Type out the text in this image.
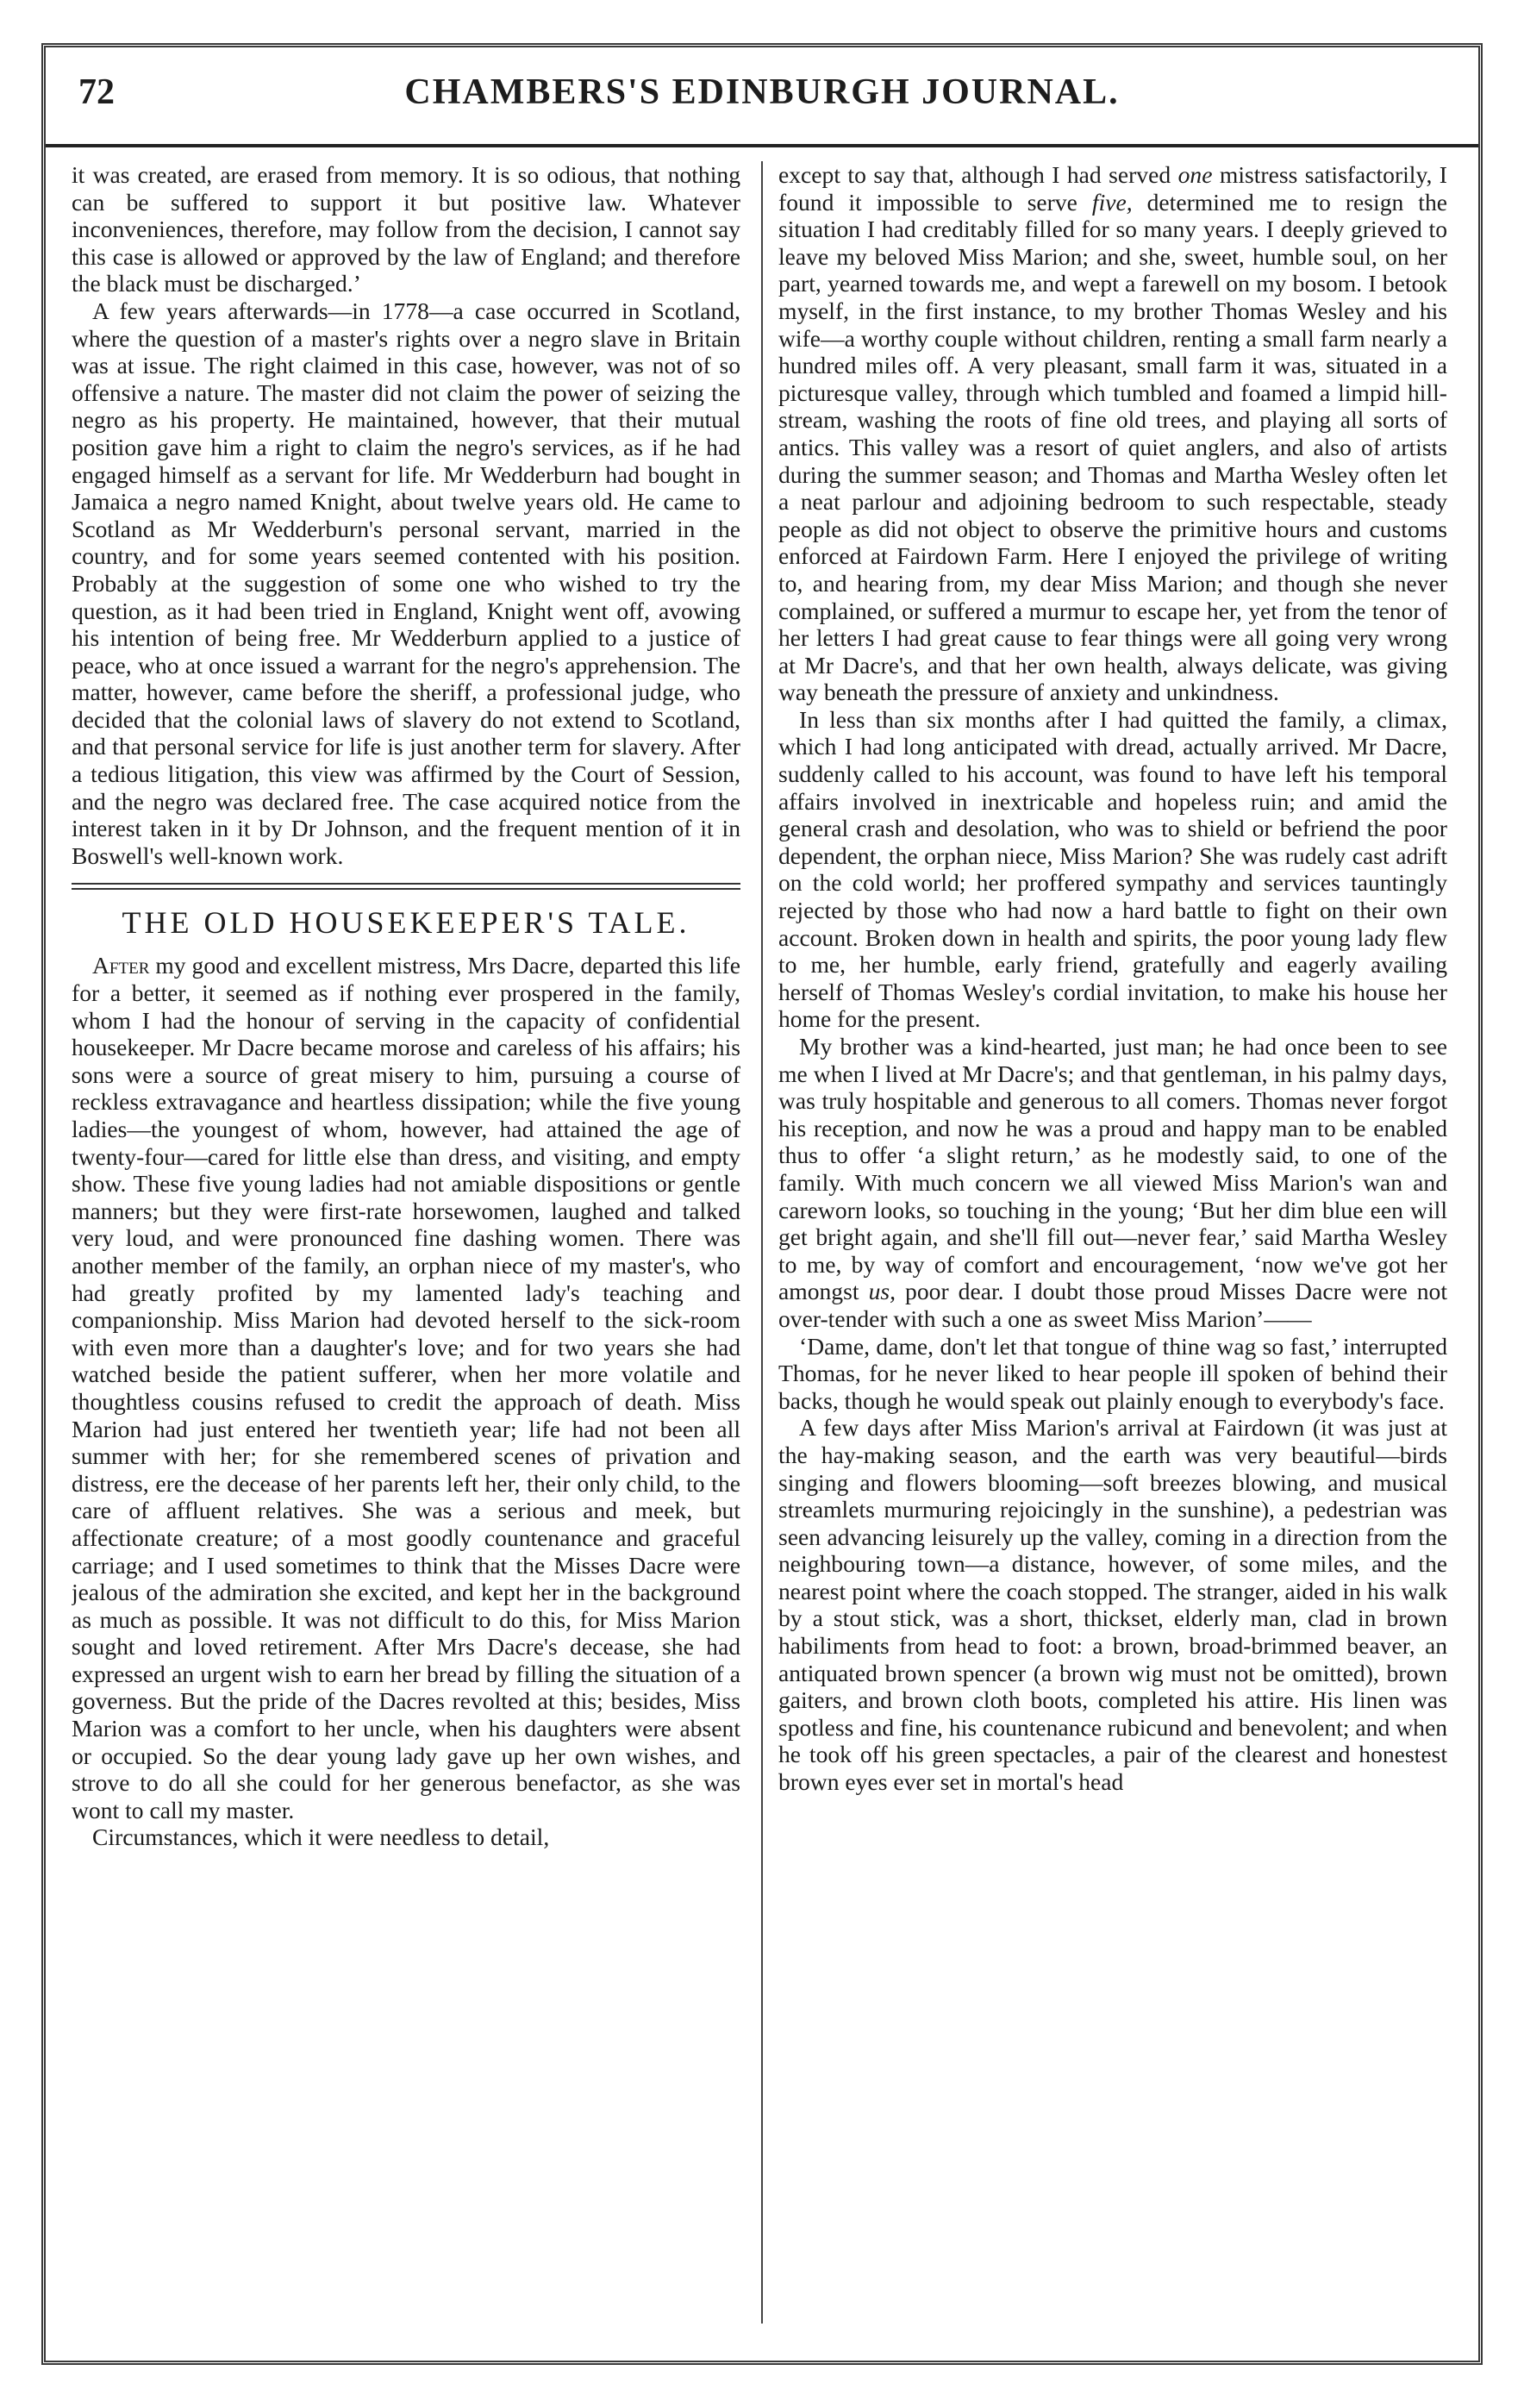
72	CHAMBERS'S EDINBURGH JOURNAL.

it was created, are erased from memory. It is so odious, that nothing can be suffered to support it but positive law. Whatever inconveniences, therefore, may follow from the decision, I cannot say this case is allowed or approved by the law of England; and therefore the black must be discharged.’

A few years afterwards—in 1778—a case occurred in Scotland, where the question of a master's rights over a negro slave in Britain was at issue. The right claimed in this case, however, was not of so offensive a nature. The master did not claim the power of seizing the negro as his property. He maintained, however, that their mutual position gave him a right to claim the negro's services, as if he had engaged himself as a servant for life. Mr Wedderburn had bought in Jamaica a negro named Knight, about twelve years old. He came to Scotland as Mr Wedderburn's personal servant, married in the country, and for some years seemed contented with his position. Probably at the suggestion of some one who wished to try the question, as it had been tried in England, Knight went off, avowing his intention of being free. Mr Wedderburn applied to a justice of peace, who at once issued a warrant for the negro's apprehension. The matter, however, came before the sheriff, a professional judge, who decided that the colonial laws of slavery do not extend to Scotland, and that personal service for life is just another term for slavery. After a tedious litigation, this view was affirmed by the Court of Session, and the negro was declared free. The case acquired notice from the interest taken in it by Dr Johnson, and the frequent mention of it in Boswell's well-known work.

THE OLD HOUSEKEEPER'S TALE.

After my good and excellent mistress, Mrs Dacre, departed this life for a better, it seemed as if nothing ever prospered in the family, whom I had the honour of serving in the capacity of confidential housekeeper. Mr Dacre became morose and careless of his affairs; his sons were a source of great misery to him, pursuing a course of reckless extravagance and heartless dissipation; while the five young ladies—the youngest of whom, however, had attained the age of twenty-four—cared for little else than dress, and visiting, and empty show. These five young ladies had not amiable dispositions or gentle manners; but they were first-rate horsewomen, laughed and talked very loud, and were pronounced fine dashing women. There was another member of the family, an orphan niece of my master's, who had greatly profited by my lamented lady's teaching and companionship. Miss Marion had devoted herself to the sick-room with even more than a daughter's love; and for two years she had watched beside the patient sufferer, when her more volatile and thoughtless cousins refused to credit the approach of death. Miss Marion had just entered her twentieth year; life had not been all summer with her; for she remembered scenes of privation and distress, ere the decease of her parents left her, their only child, to the care of affluent relatives. She was a serious and meek, but affectionate creature; of a most goodly countenance and graceful carriage; and I used sometimes to think that the Misses Dacre were jealous of the admiration she excited, and kept her in the background as much as possible. It was not difficult to do this, for Miss Marion sought and loved retirement. After Mrs Dacre's decease, she had expressed an urgent wish to earn her bread by filling the situation of a governess. But the pride of the Dacres revolted at this; besides, Miss Marion was a comfort to her uncle, when his daughters were absent or occupied. So the dear young lady gave up her own wishes, and strove to do all she could for her generous benefactor, as she was wont to call my master.

Circumstances, which it were needless to detail,

except to say that, although I had served one mistress satisfactorily, I found it impossible to serve five, determined me to resign the situation I had creditably filled for so many years. I deeply grieved to leave my beloved Miss Marion; and she, sweet, humble soul, on her part, yearned towards me, and wept a farewell on my bosom. I betook myself, in the first instance, to my brother Thomas Wesley and his wife—a worthy couple without children, renting a small farm nearly a hundred miles off. A very pleasant, small farm it was, situated in a picturesque valley, through which tumbled and foamed a limpid hill-stream, washing the roots of fine old trees, and playing all sorts of antics. This valley was a resort of quiet anglers, and also of artists during the summer season; and Thomas and Martha Wesley often let a neat parlour and adjoining bedroom to such respectable, steady people as did not object to observe the primitive hours and customs enforced at Fairdown Farm. Here I enjoyed the privilege of writing to, and hearing from, my dear Miss Marion; and though she never complained, or suffered a murmur to escape her, yet from the tenor of her letters I had great cause to fear things were all going very wrong at Mr Dacre's, and that her own health, always delicate, was giving way beneath the pressure of anxiety and unkindness.

In less than six months after I had quitted the family, a climax, which I had long anticipated with dread, actually arrived. Mr Dacre, suddenly called to his account, was found to have left his temporal affairs involved in inextricable and hopeless ruin; and amid the general crash and desolation, who was to shield or befriend the poor dependent, the orphan niece, Miss Marion? She was rudely cast adrift on the cold world; her proffered sympathy and services tauntingly rejected by those who had now a hard battle to fight on their own account. Broken down in health and spirits, the poor young lady flew to me, her humble, early friend, gratefully and eagerly availing herself of Thomas Wesley's cordial invitation, to make his house her home for the present.

My brother was a kind-hearted, just man; he had once been to see me when I lived at Mr Dacre's; and that gentleman, in his palmy days, was truly hospitable and generous to all comers. Thomas never forgot his reception, and now he was a proud and happy man to be enabled thus to offer ‘a slight return,’ as he modestly said, to one of the family. With much concern we all viewed Miss Marion's wan and careworn looks, so touching in the young; ‘But her dim blue een will get bright again, and she'll fill out—never fear,’ said Martha Wesley to me, by way of comfort and encouragement, ‘now we've got her amongst us, poor dear. I doubt those proud Misses Dacre were not over-tender with such a one as sweet Miss Marion’——

‘Dame, dame, don't let that tongue of thine wag so fast,’ interrupted Thomas, for he never liked to hear people ill spoken of behind their backs, though he would speak out plainly enough to everybody's face.

A few days after Miss Marion's arrival at Fairdown (it was just at the hay-making season, and the earth was very beautiful—birds singing and flowers blooming—soft breezes blowing, and musical streamlets murmuring rejoicingly in the sunshine), a pedestrian was seen advancing leisurely up the valley, coming in a direction from the neighbouring town—a distance, however, of some miles, and the nearest point where the coach stopped. The stranger, aided in his walk by a stout stick, was a short, thickset, elderly man, clad in brown habiliments from head to foot: a brown, broad-brimmed beaver, an antiquated brown spencer (a brown wig must not be omitted), brown gaiters, and brown cloth boots, completed his attire. His linen was spotless and fine, his countenance rubicund and benevolent; and when he took off his green spectacles, a pair of the clearest and honestest brown eyes ever set in mortal's head
